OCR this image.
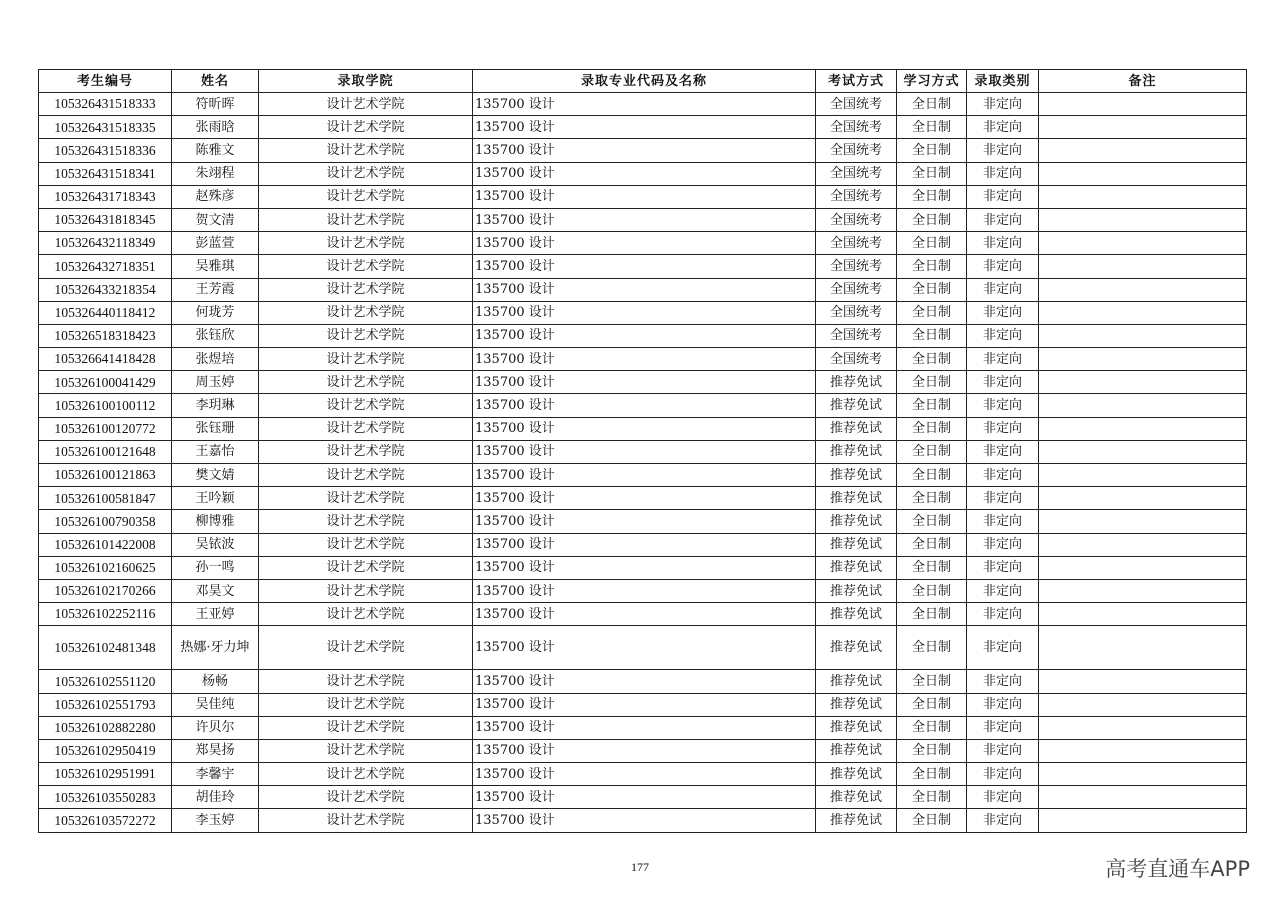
考生编号	姓名	录取学院	录取专业代码及名称	考试方式	学习方式	录取类别	备注
105326431518333	符昕晖	设计艺术学院	135700 设计	全国统考	全日制	非定向	
105326431518335	张雨晗	设计艺术学院	135700 设计	全国统考	全日制	非定向	
105326431518336	陈雅文	设计艺术学院	135700 设计	全国统考	全日制	非定向	
105326431518341	朱翊程	设计艺术学院	135700 设计	全国统考	全日制	非定向	
105326431718343	赵殊彦	设计艺术学院	135700 设计	全国统考	全日制	非定向	
105326431818345	贺文清	设计艺术学院	135700 设计	全国统考	全日制	非定向	
105326432118349	彭蓝萱	设计艺术学院	135700 设计	全国统考	全日制	非定向	
105326432718351	吴雅琪	设计艺术学院	135700 设计	全国统考	全日制	非定向	
105326433218354	王芳霞	设计艺术学院	135700 设计	全国统考	全日制	非定向	
105326440118412	何珑芳	设计艺术学院	135700 设计	全国统考	全日制	非定向	
105326518318423	张钰欣	设计艺术学院	135700 设计	全国统考	全日制	非定向	
105326641418428	张煜培	设计艺术学院	135700 设计	全国统考	全日制	非定向	
105326100041429	周玉婷	设计艺术学院	135700 设计	推荐免试	全日制	非定向	
105326100100112	李玥琳	设计艺术学院	135700 设计	推荐免试	全日制	非定向	
105326100120772	张钰珊	设计艺术学院	135700 设计	推荐免试	全日制	非定向	
105326100121648	王嘉怡	设计艺术学院	135700 设计	推荐免试	全日制	非定向	
105326100121863	樊文婧	设计艺术学院	135700 设计	推荐免试	全日制	非定向	
105326100581847	王吟颖	设计艺术学院	135700 设计	推荐免试	全日制	非定向	
105326100790358	柳博雅	设计艺术学院	135700 设计	推荐免试	全日制	非定向	
105326101422008	吴铱波	设计艺术学院	135700 设计	推荐免试	全日制	非定向	
105326102160625	孙一鸣	设计艺术学院	135700 设计	推荐免试	全日制	非定向	
105326102170266	邓昊文	设计艺术学院	135700 设计	推荐免试	全日制	非定向	
105326102252116	王亚婷	设计艺术学院	135700 设计	推荐免试	全日制	非定向	
105326102481348	热娜·牙力坤	设计艺术学院	135700 设计	推荐免试	全日制	非定向	
105326102551120	杨畅	设计艺术学院	135700 设计	推荐免试	全日制	非定向	
105326102551793	吴佳纯	设计艺术学院	135700 设计	推荐免试	全日制	非定向	
105326102882280	许贝尔	设计艺术学院	135700 设计	推荐免试	全日制	非定向	
105326102950419	郑昊扬	设计艺术学院	135700 设计	推荐免试	全日制	非定向	
105326102951991	李馨宇	设计艺术学院	135700 设计	推荐免试	全日制	非定向	
105326103550283	胡佳玲	设计艺术学院	135700 设计	推荐免试	全日制	非定向	
105326103572272	李玉婷	设计艺术学院	135700 设计	推荐免试	全日制	非定向	
177	高考直通车APP
